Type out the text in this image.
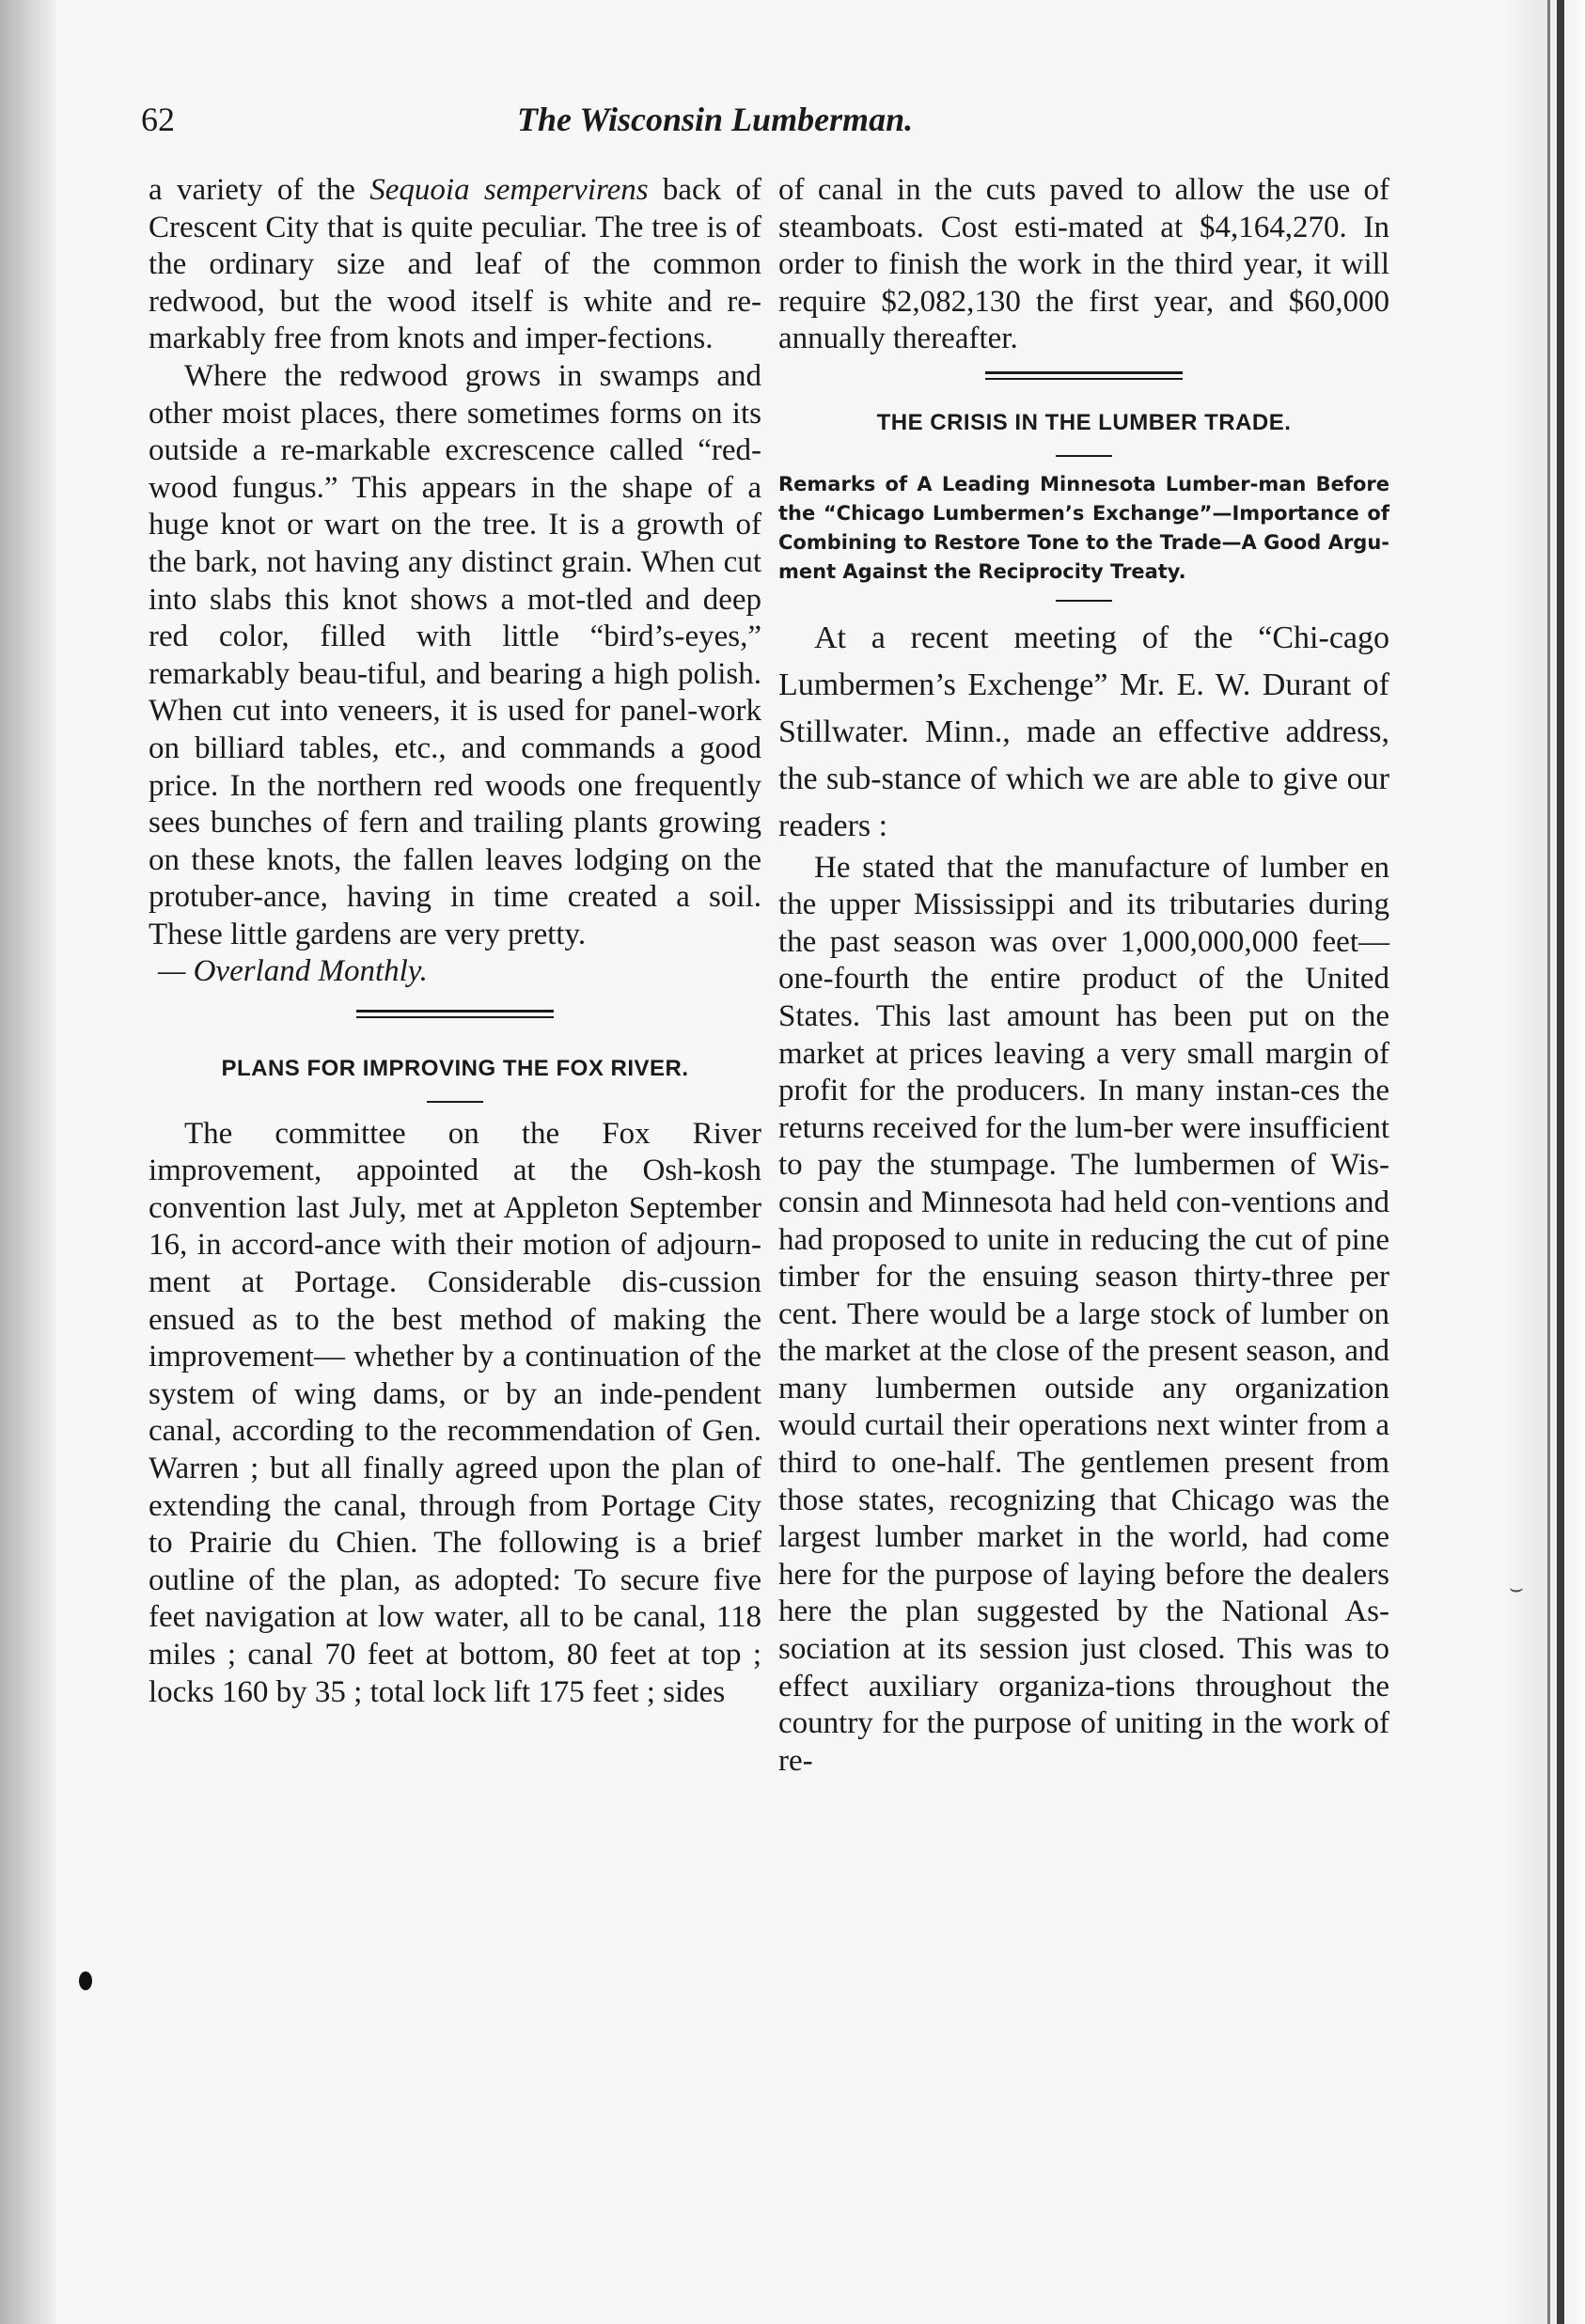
62	The Wisconsin Lumberman.

a variety of the Sequoia sempervirens back of Crescent City that is quite peculiar. The tree is of the ordinary size and leaf of the common redwood, but the wood itself is white and re-markably free from knots and imper-fections.

Where the redwood grows in swamps and other moist places, there sometimes forms on its outside a re-markable excrescence called “red-wood fungus.” This appears in the shape of a huge knot or wart on the tree. It is a growth of the bark, not having any distinct grain. When cut into slabs this knot shows a mot-tled and deep red color, filled with little “bird’s-eyes,” remarkably beau-tiful, and bearing a high polish. When cut into veneers, it is used for panel-work on billiard tables, etc., and commands a good price. In the northern red woods one frequently sees bunches of fern and trailing plants growing on these knots, the fallen leaves lodging on the protuber-ance, having in time created a soil. These little gardens are very pretty.

— Overland Monthly.

PLANS FOR IMPROVING THE FOX RIVER.

The committee on the Fox River improvement, appointed at the Osh-kosh convention last July, met at Appleton September 16, in accord-ance with their motion of adjourn-ment at Portage. Considerable dis-cussion ensued as to the best method of making the improvement— whether by a continuation of the system of wing dams, or by an inde-pendent canal, according to the recommendation of Gen. Warren ; but all finally agreed upon the plan of extending the canal, through from Portage City to Prairie du Chien. The following is a brief outline of the plan, as adopted: To secure five feet navigation at low water, all to be canal, 118 miles ; canal 70 feet at bottom, 80 feet at top ; locks 160 by 35 ; total lock lift 175 feet ; sides

of canal in the cuts paved to allow the use of steamboats. Cost esti-mated at $4,164,270. In order to finish the work in the third year, it will require $2,082,130 the first year, and $60,000 annually thereafter.

THE CRISIS IN THE LUMBER TRADE.
Remarks of A Leading Minnesota Lumber-man Before the “Chicago Lumbermen’s Exchange”—Importance of Combining to Restore Tone to the Trade—A Good Argu-ment Against the Reciprocity Treaty.

At a recent meeting of the “Chi-cago Lumbermen’s Exchenge” Mr. E. W. Durant of Stillwater. Minn., made an effective address, the sub-stance of which we are able to give our readers :

He stated that the manufacture of lumber en the upper Mississippi and its tributaries during the past season was over 1,000,000,000 feet—one-fourth the entire product of the United States. This last amount has been put on the market at prices leaving a very small margin of profit for the producers. In many instan-ces the returns received for the lum-ber were insufficient to pay the stumpage. The lumbermen of Wis-consin and Minnesota had held con-ventions and had proposed to unite in reducing the cut of pine timber for the ensuing season thirty-three per cent. There would be a large stock of lumber on the market at the close of the present season, and many lumbermen outside any organization would curtail their operations next winter from a third to one-half. The gentlemen present from those states, recognizing that Chicago was the largest lumber market in the world, had come here for the purpose of laying before the dealers here the plan suggested by the National As-sociation at its session just closed. This was to effect auxiliary organiza-tions throughout the country for the purpose of uniting in the work of re-

⌣
